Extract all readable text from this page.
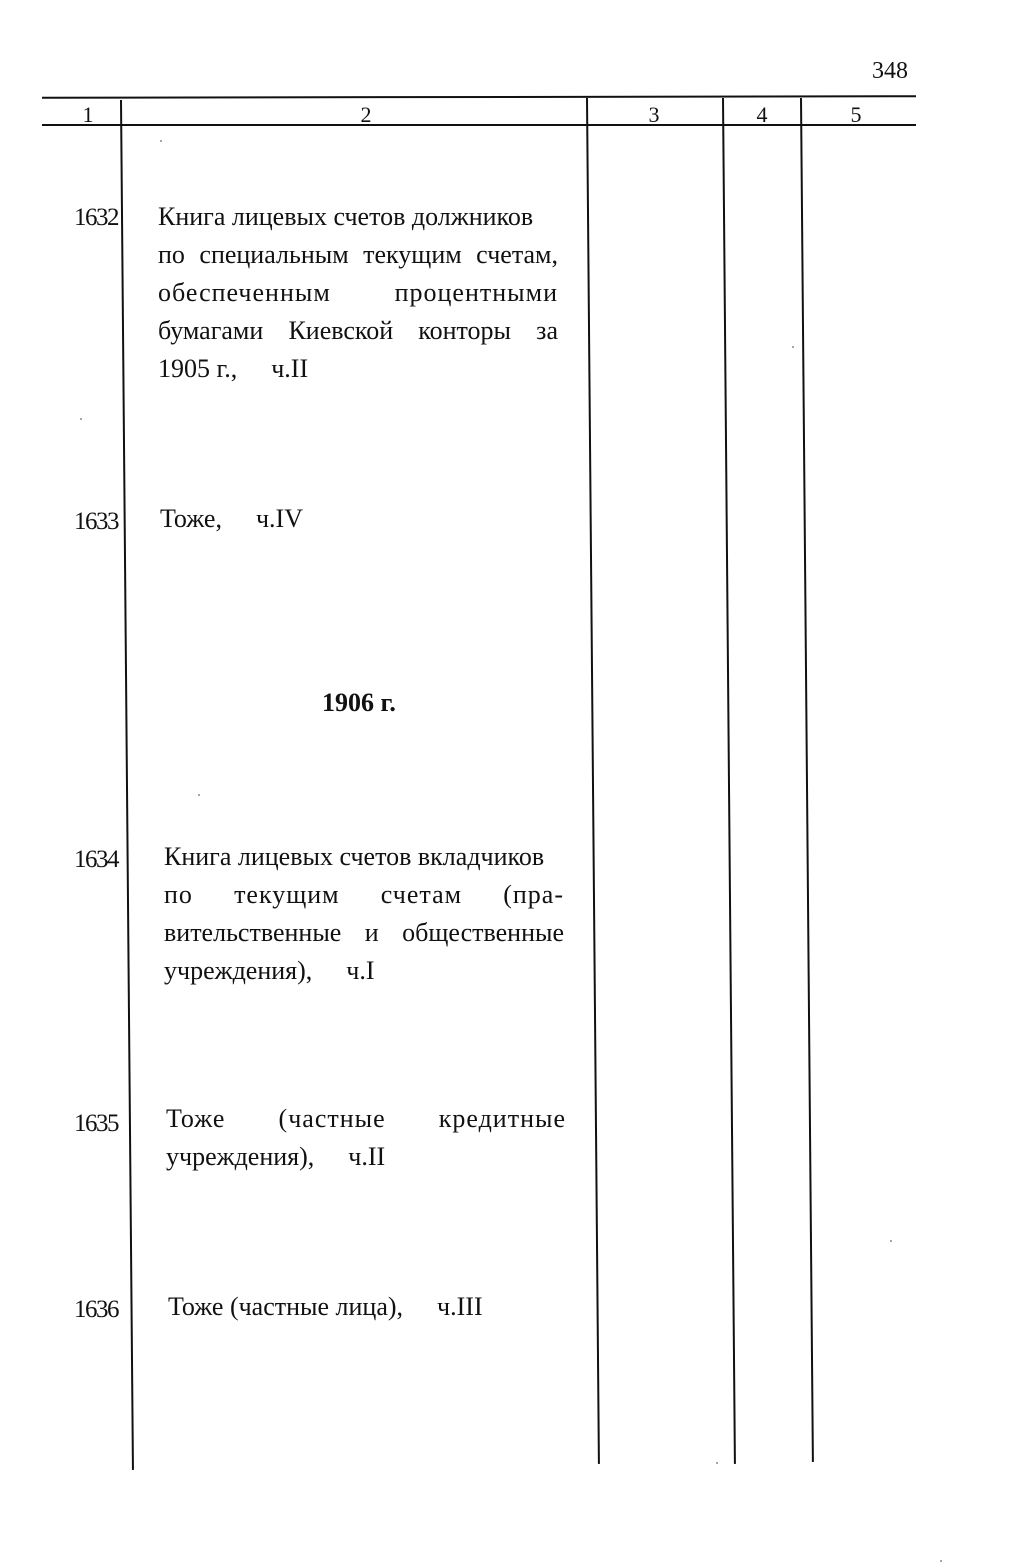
348
1	2	3	4	5
1632 Книга лицевых счетов должников
по специальным текущим счетам,
обеспеченным процентными
бумагами Киевской конторы за
1905 г., ч.II
1633 Тоже, ч.IV
1906 г.
1634 Книга лицевых счетов вкладчиков
по текущим счетам (пра-
вительственные и общественные
учреждения), ч.I
1635 Тоже (частные кредитные
учреждения), ч.II
1636 Тоже (частные лица), ч.III
